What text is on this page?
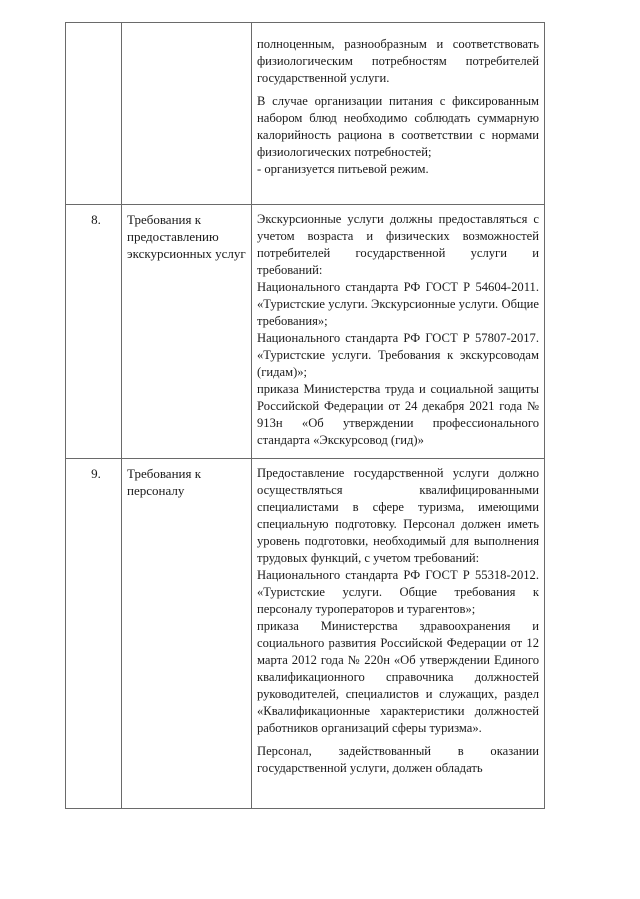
полноценным, разнообразным и соответствовать физиологическим потребностям потребителей государственной услуги.

В случае организации питания с фиксированным набором блюд необходимо соблюдать суммарную калорийность рациона в соответствии с нормами физиологических потребностей;

- организуется питьевой режим.

8.	Требования к предоставлению экскурсионных услуг

Экскурсионные услуги должны предоставляться с учетом возраста и физических возможностей потребителей государственной услуги и требований:

Национального стандарта РФ ГОСТ Р 54604-2011. «Туристские услуги. Экскурсионные услуги. Общие требования»;

Национального стандарта РФ ГОСТ Р 57807-2017. «Туристские услуги. Требования к экскурсоводам (гидам)»;

приказа Министерства труда и социальной защиты Российской Федерации от 24 декабря 2021 года № 913н «Об утверждении профессионального стандарта «Экскурсовод (гид)»

9.	Требования к персоналу

Предоставление государственной услуги должно осуществляться квалифицированными специалистами в сфере туризма, имеющими специальную подготовку. Персонал должен иметь уровень подготовки, необходимый для выполнения трудовых функций, с учетом требований:

Национального стандарта РФ ГОСТ Р 55318-2012. «Туристские услуги. Общие требования к персоналу туроператоров и турагентов»;

приказа Министерства здравоохранения и социального развития Российской Федерации от 12 марта 2012 года № 220н «Об утверждении Единого квалификационного справочника должностей руководителей, специалистов и служащих, раздел «Квалификационные характеристики должностей работников организаций сферы туризма».

Персонал, задействованный в оказании государственной услуги, должен обладать
